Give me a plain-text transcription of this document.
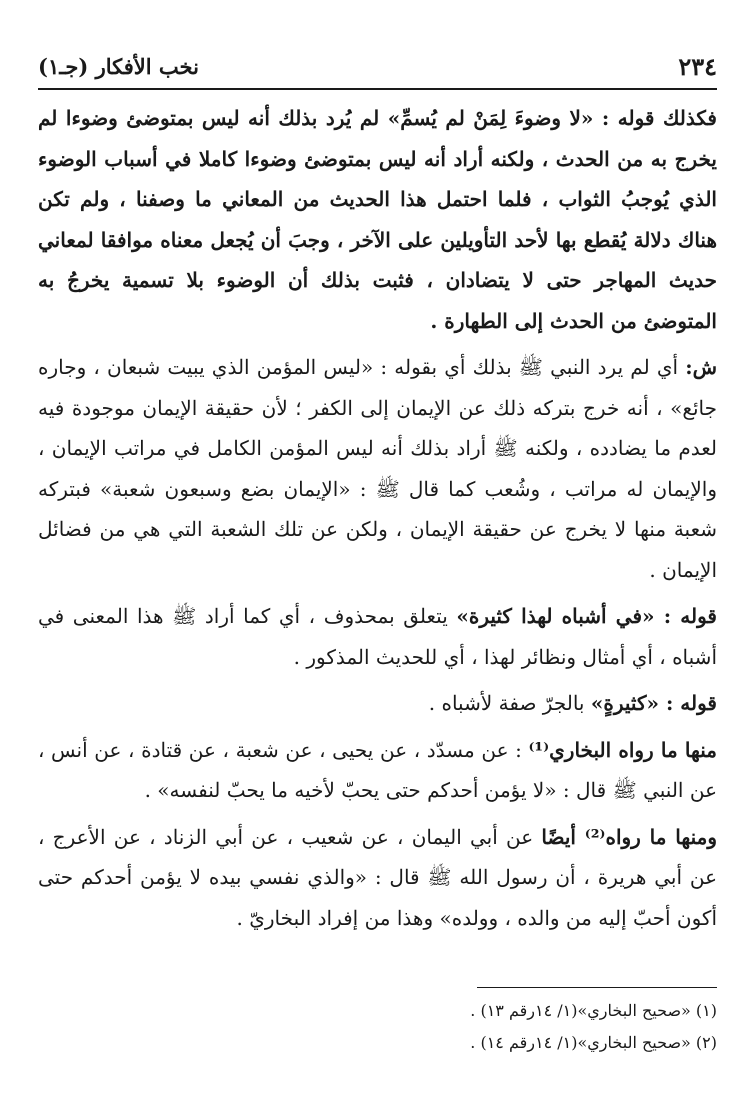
٢٣٤
نخب الأفكار (جـ١)

فكذلك قوله : «لا وضوءَ لِمَنْ لم يُسمِّ» لم يُرد بذلك أنه ليس بمتوضئ وضوءا لم يخرج به من الحدث ، ولكنه أراد أنه ليس بمتوضئ وضوءا كاملا في أسباب الوضوء الذي يُوجبُ الثواب ، فلما احتمل هذا الحديث من المعاني ما وصفنا ، ولم تكن هناك دلالة يُقطع بها لأحد التأويلين على الآخر ، وجبَ أن يُجعل معناه موافقا لمعاني حديث المهاجر حتى لا يتضادان ، فثبت بذلك أن الوضوء بلا تسمية يخرجُ به المتوضئ من الحدث إلى الطهارة .

ش: أي لم يرد النبي ﷺ بذلك أي بقوله : «ليس المؤمن الذي يبيت شبعان ، وجاره جائع» ، أنه خرج بتركه ذلك عن الإيمان إلى الكفر ؛ لأن حقيقة الإيمان موجودة فيه لعدم ما يضادده ، ولكنه ﷺ أراد بذلك أنه ليس المؤمن الكامل في مراتب الإيمان ، والإيمان له مراتب ، وشُعب كما قال ﷺ : «الإيمان بضع وسبعون شعبة» فبتركه شعبة منها لا يخرج عن حقيقة الإيمان ، ولكن عن تلك الشعبة التي هي من فضائل الإيمان .

قوله : «في أشباه لهذا كثيرة» يتعلق بمحذوف ، أي كما أراد ﷺ هذا المعنى في أشباه ، أي أمثال ونظائر لهذا ، أي للحديث المذكور .

قوله : «كثيرةٍ» بالجرّ صفة لأشباه .

منها ما رواه البخاري⁽¹⁾ : عن مسدّد ، عن يحيى ، عن شعبة ، عن قتادة ، عن أنس ، عن النبي ﷺ قال : «لا يؤمن أحدكم حتى يحبّ لأخيه ما يحبّ لنفسه» .

ومنها ما رواه⁽²⁾ أيضًا عن أبي اليمان ، عن شعيب ، عن أبي الزناد ، عن الأعرج ، عن أبي هريرة ، أن رسول الله ﷺ قال : «والذي نفسي بيده لا يؤمن أحدكم حتى أكون أحبّ إليه من والده ، وولده» وهذا من إفراد البخاريّ .

(١) «صحيح البخاري»(١/ ١٤رقم ١٣) .

(٢) «صحيح البخاري»(١/ ١٤رقم ١٤) .
